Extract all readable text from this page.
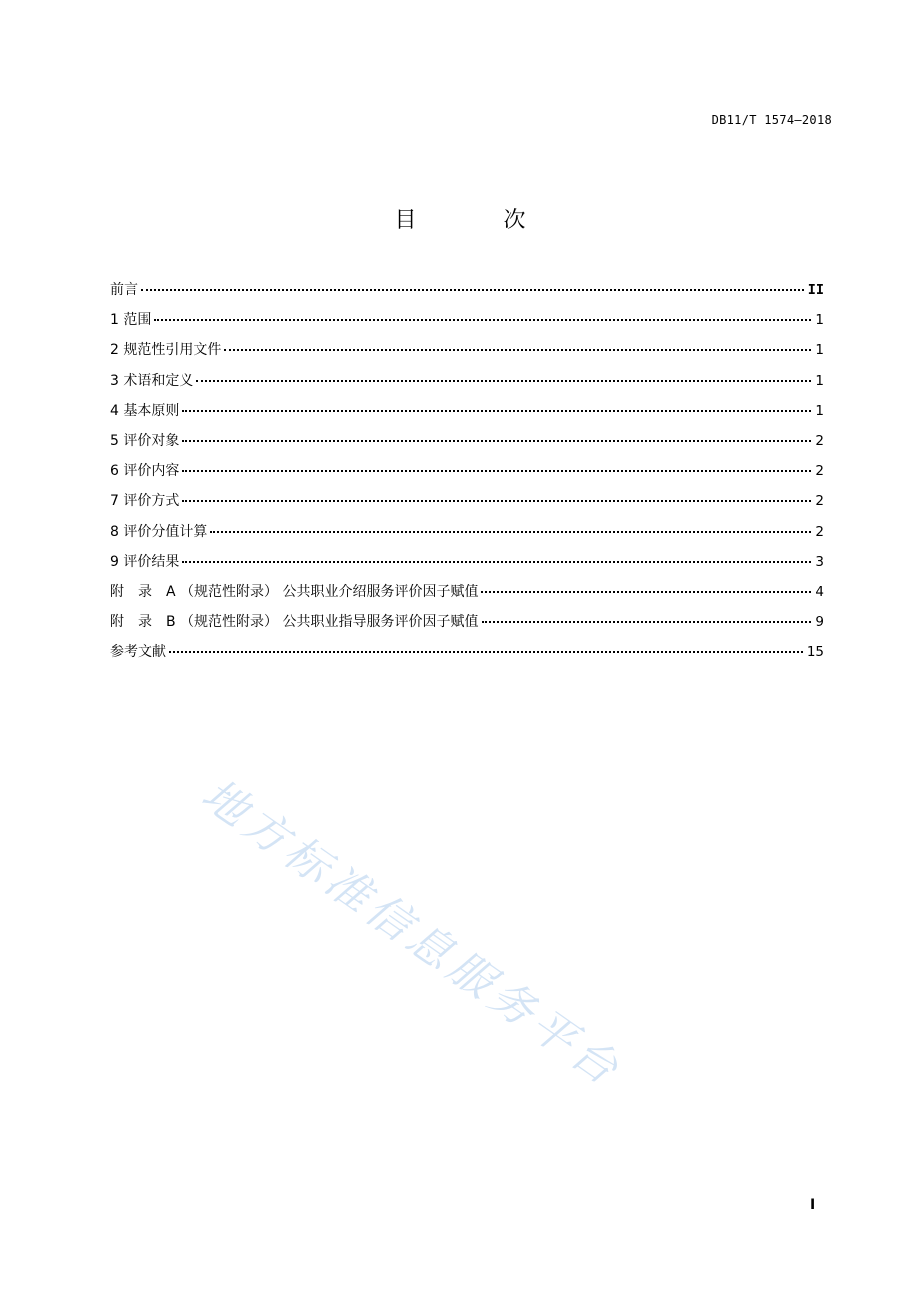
DB11/T 1574—2018
目 次
前言	II
1 范围	1
2 规范性引用文件	1
3 术语和定义	1
4 基本原则	1
5 评价对象	2
6 评价内容	2
7 评价方式	2
8 评价分值计算	2
9 评价结果	3
附　录　A （规范性附录） 公共职业介绍服务评价因子赋值	4
附　录　B （规范性附录） 公共职业指导服务评价因子赋值	9
参考文献	15
地方标准信息服务平台
I
